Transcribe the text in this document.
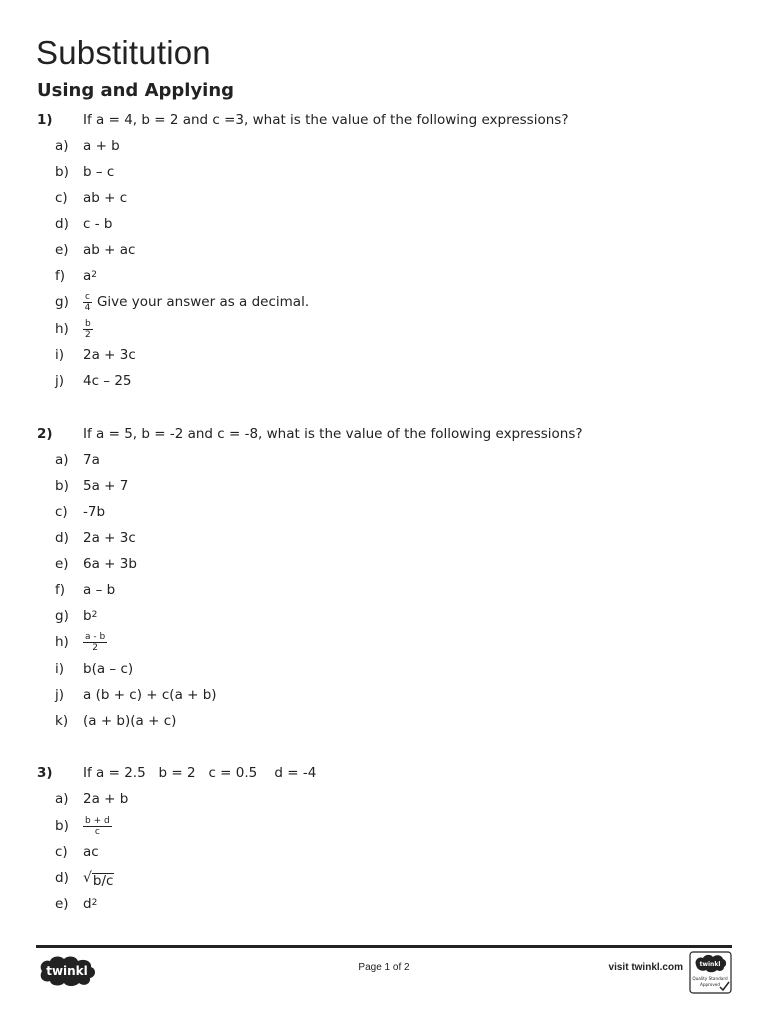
Substitution
Using and Applying
1)	If a = 4, b = 2 and c =3, what is the value of the following expressions?
a)	a + b
b)	b – c
c)	ab + c
d)	c - b
e)	ab + ac
f)	$a^2$
g)	$\frac{c}{4}$ Give your answer as a decimal.
h)	$\frac{b}{2}$
i)	2a + 3c
j)	4c – 25
2)	If a = 5, b = -2 and c = -8, what is the value of the following expressions?
a)	7a
b)	5a + 7
c)	-7b
d)	2a + 3c
e)	6a + 3b
f)	a – b
g)	$b^2$
h)	$\frac{a - b}{2}$
i)	b(a – c)
j)	a (b + c) + c(a + b)
k)	(a + b)(a + c)
3)	If a = 2.5   b = 2   c = 0.5    d = -4
a)	2a + b
b)	$\frac{b + d}{c}$
c)	ac
d)	√ b/c
e)	$d^2$
twinkl	Page 1 of 2	visit twinkl.com	twinkl
Quality Standard
Approved
